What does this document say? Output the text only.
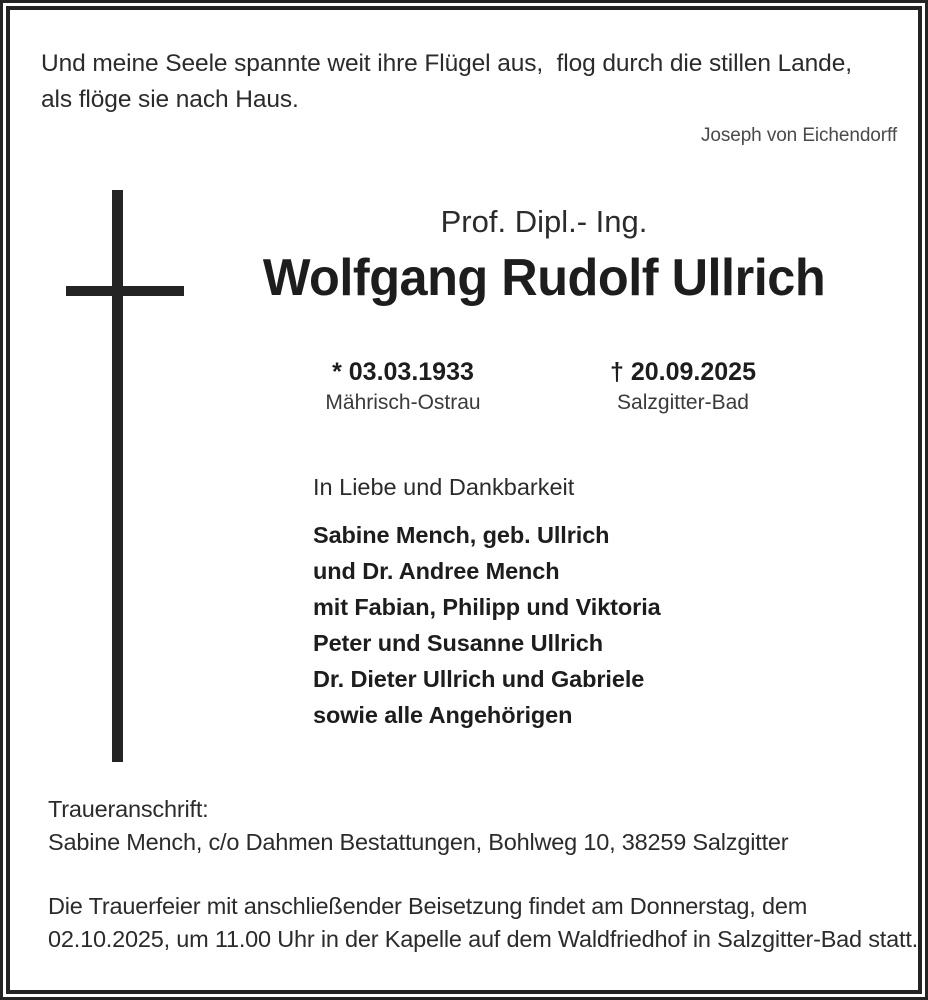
Und meine Seele spannte weit ihre Flügel aus,  flog durch die stillen Lande,
als flöge sie nach Haus.
Joseph von Eichendorff
Prof. Dipl.- Ing.
Wolfgang Rudolf Ullrich
* 03.03.1933
Mährisch-Ostrau
† 20.09.2025
Salzgitter-Bad
In Liebe und Dankbarkeit
Sabine Mench, geb. Ullrich
und Dr. Andree Mench
mit Fabian, Philipp und Viktoria
Peter und Susanne Ullrich
Dr. Dieter Ullrich und Gabriele
sowie alle Angehörigen
Traueranschrift:
Sabine Mench, c/o Dahmen Bestattungen, Bohlweg 10, 38259 Salzgitter
Die Trauerfeier mit anschließender Beisetzung findet am Donnerstag, dem
02.10.2025, um 11.00 Uhr in der Kapelle auf dem Waldfriedhof in Salzgitter-Bad statt.
